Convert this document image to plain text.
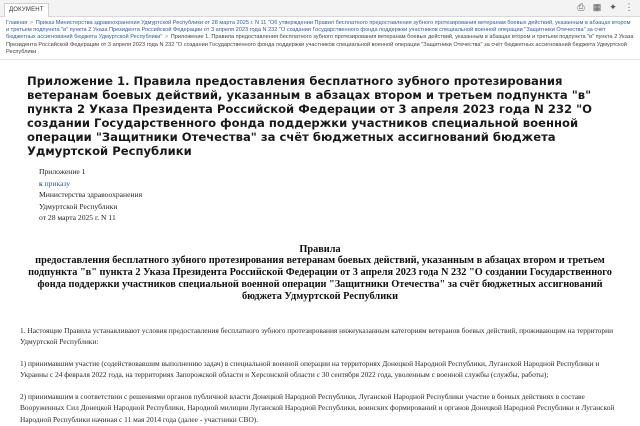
ДОКУМЕНТ	⎙ ▦ ✦ ⋮
Главная > Приказ Министерства здравоохранения Удмуртской Республики от 28 марта 2025 г. N 11 "Об утверждении Правил бесплатного предоставления зубного протезирования ветеранам боевых действий, указанным в абзацах втором и третьем подпункта "в" пункта 2 Указа Президента Российской Федерации от 3 апреля 2023 года N 232 "О создании Государственного фонда поддержки участников специальной военной операции "Защитники Отечества" за счёт бюджетных ассигнований бюджета Удмуртской Республики" > Приложение 1. Правила предоставления бесплатного зубного протезирования ветеранам боевых действий, указанным в абзацах втором и третьем подпункта "в" пункта 2 Указа Президента Российской Федерации от 3 апреля 2023 года N 232 "О создании Государственного фонда поддержки участников специальной военной операции "Защитники Отечества" за счёт бюджетных ассигнований бюджета Удмуртской Республики
Приложение 1. Правила предоставления бесплатного зубного протезирования ветеранам боевых действий, указанным в абзацах втором и третьем подпункта "в" пункта 2 Указа Президента Российской Федерации от 3 апреля 2023 года N 232 "О создании Государственного фонда поддержки участников специальной военной операции "Защитники Отечества" за счёт бюджетных ассигнований бюджета Удмуртской Республики
Приложение 1
к приказу
Министерства здравоохранения
Удмуртской Республики
от 28 марта 2025 г. N 11
Правила
предоставления бесплатного зубного протезирования ветеранам боевых действий, указанным в абзацах втором и третьем подпункта "в" пункта 2 Указа Президента Российской Федерации от 3 апреля 2023 года N 232 "О создании Государственного фонда поддержки участников специальной военной операции "Защитники Отечества" за счёт бюджетных ассигнований бюджета Удмуртской Республики

1. Настоящие Правила устанавливают условия предоставления бесплатного зубного протезирования нижеуказанным категориям ветеранов боевых действий, проживающим на территории Удмуртской Республики:

1) принимавшим участие (содействовавшим выполнению задач) в специальной военной операции на территориях Донецкой Народной Республики, Луганской Народной Республики и Украины с 24 февраля 2022 года, на территориях Запорожской области и Херсонской области с 30 сентября 2022 года, уволенным с военной службы (службы, работы);

2) принимавшим в соответствии с решениями органов публичной власти Донецкой Народной Республики, Луганской Народной Республики участие в боевых действиях в составе Вооруженных Сил Донецкой Народной Республики, Народной милиции Луганской Народной Республики, воинских формирований и органов Донецкой Народной Республики и Луганской Народной Республики начиная с 11 мая 2014 года (далее - участники СВО).
